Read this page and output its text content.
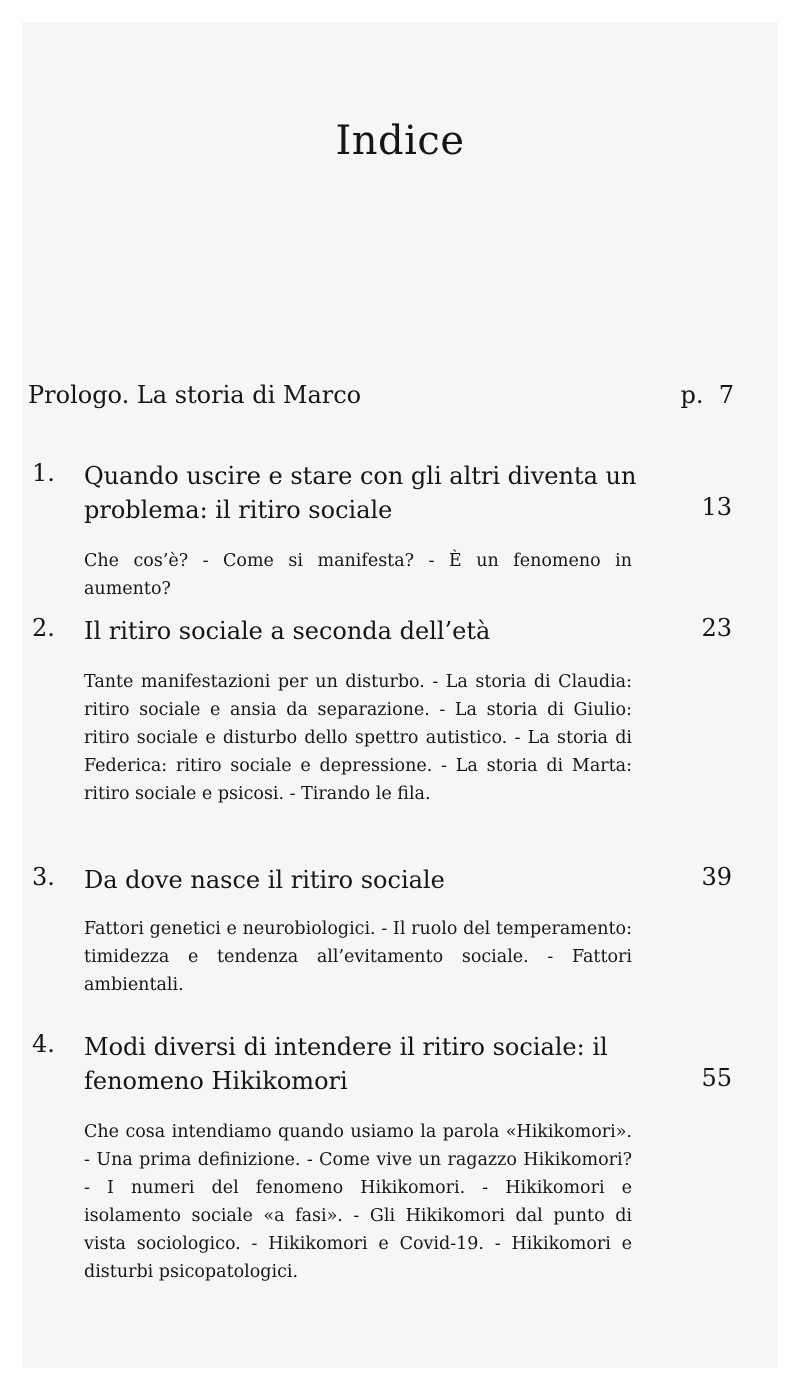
Indice
Prologo. La storia di Marco	p.  7
1. Quando uscire e stare con gli altri diventa un problema: il ritiro sociale	13
Che cos’è? - Come si manifesta? - È un fenomeno in aumento?
2. Il ritiro sociale a seconda dell’età	23
Tante manifestazioni per un disturbo. - La storia di Claudia: ritiro sociale e ansia da separazione. - La storia di Giulio: ritiro sociale e disturbo dello spettro autistico. - La storia di Federica: ritiro sociale e depressione. - La storia di Marta: ritiro sociale e psicosi. - Tirando le fila.
3. Da dove nasce il ritiro sociale	39
Fattori genetici e neurobiologici. - Il ruolo del temperamento: timidezza e tendenza all’evitamento sociale. - Fattori ambientali.
4. Modi diversi di intendere il ritiro sociale: il fenomeno Hikikomori	55
Che cosa intendiamo quando usiamo la parola «Hikikomori». - Una prima definizione. - Come vive un ragazzo Hikikomori? - I numeri del fenomeno Hikikomori. - Hikikomori e isolamento sociale «a fasi». - Gli Hikikomori dal punto di vista sociologico. - Hikikomori e Covid-19. - Hikikomori e disturbi psicopatologici.
